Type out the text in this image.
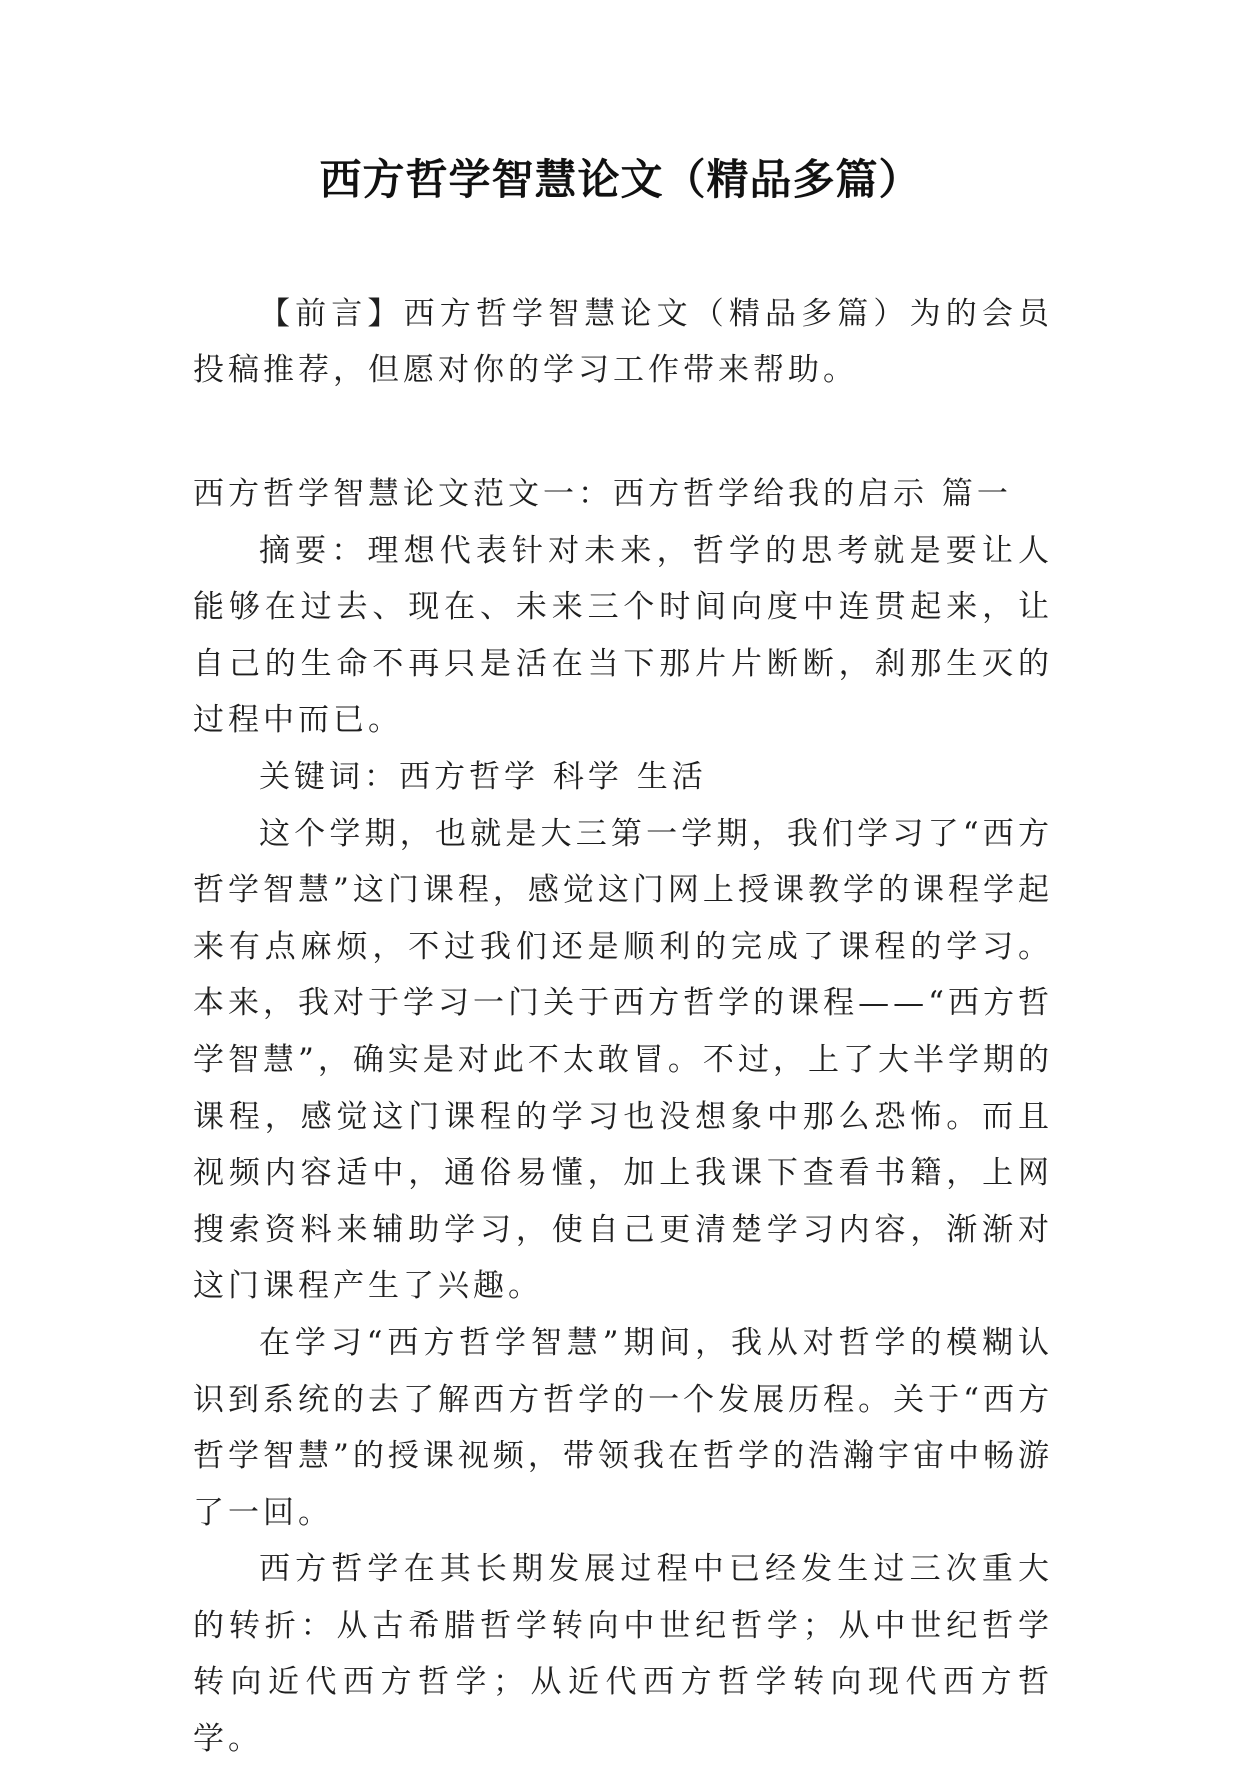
西方哲学智慧论文（精品多篇）

【前言】西方哲学智慧论文（精品多篇）为的会员投稿推荐，但愿对你的学习工作带来帮助。

西方哲学智慧论文范文一：西方哲学给我的启示 篇一

摘要：理想代表针对未来，哲学的思考就是要让人能够在过去、现在、未来三个时间向度中连贯起来，让自己的生命不再只是活在当下那片片断断，刹那生灭的过程中而已。

关键词：西方哲学 科学 生活

这个学期，也就是大三第一学期，我们学习了“西方哲学智慧”这门课程，感觉这门网上授课教学的课程学起来有点麻烦，不过我们还是顺利的完成了课程的学习。本来，我对于学习一门关于西方哲学的课程——“西方哲学智慧”，确实是对此不太敢冒。不过，上了大半学期的课程，感觉这门课程的学习也没想象中那么恐怖。而且视频内容适中，通俗易懂，加上我课下查看书籍，上网搜索资料来辅助学习，使自己更清楚学习内容，渐渐对这门课程产生了兴趣。

在学习“西方哲学智慧”期间，我从对哲学的模糊认识到系统的去了解西方哲学的一个发展历程。关于“西方哲学智慧”的授课视频，带领我在哲学的浩瀚宇宙中畅游了一回。

西方哲学在其长期发展过程中已经发生过三次重大的转折：从古希腊哲学转向中世纪哲学；从中世纪哲学转向近代西方哲学；从近代西方哲学转向现代西方哲学。
